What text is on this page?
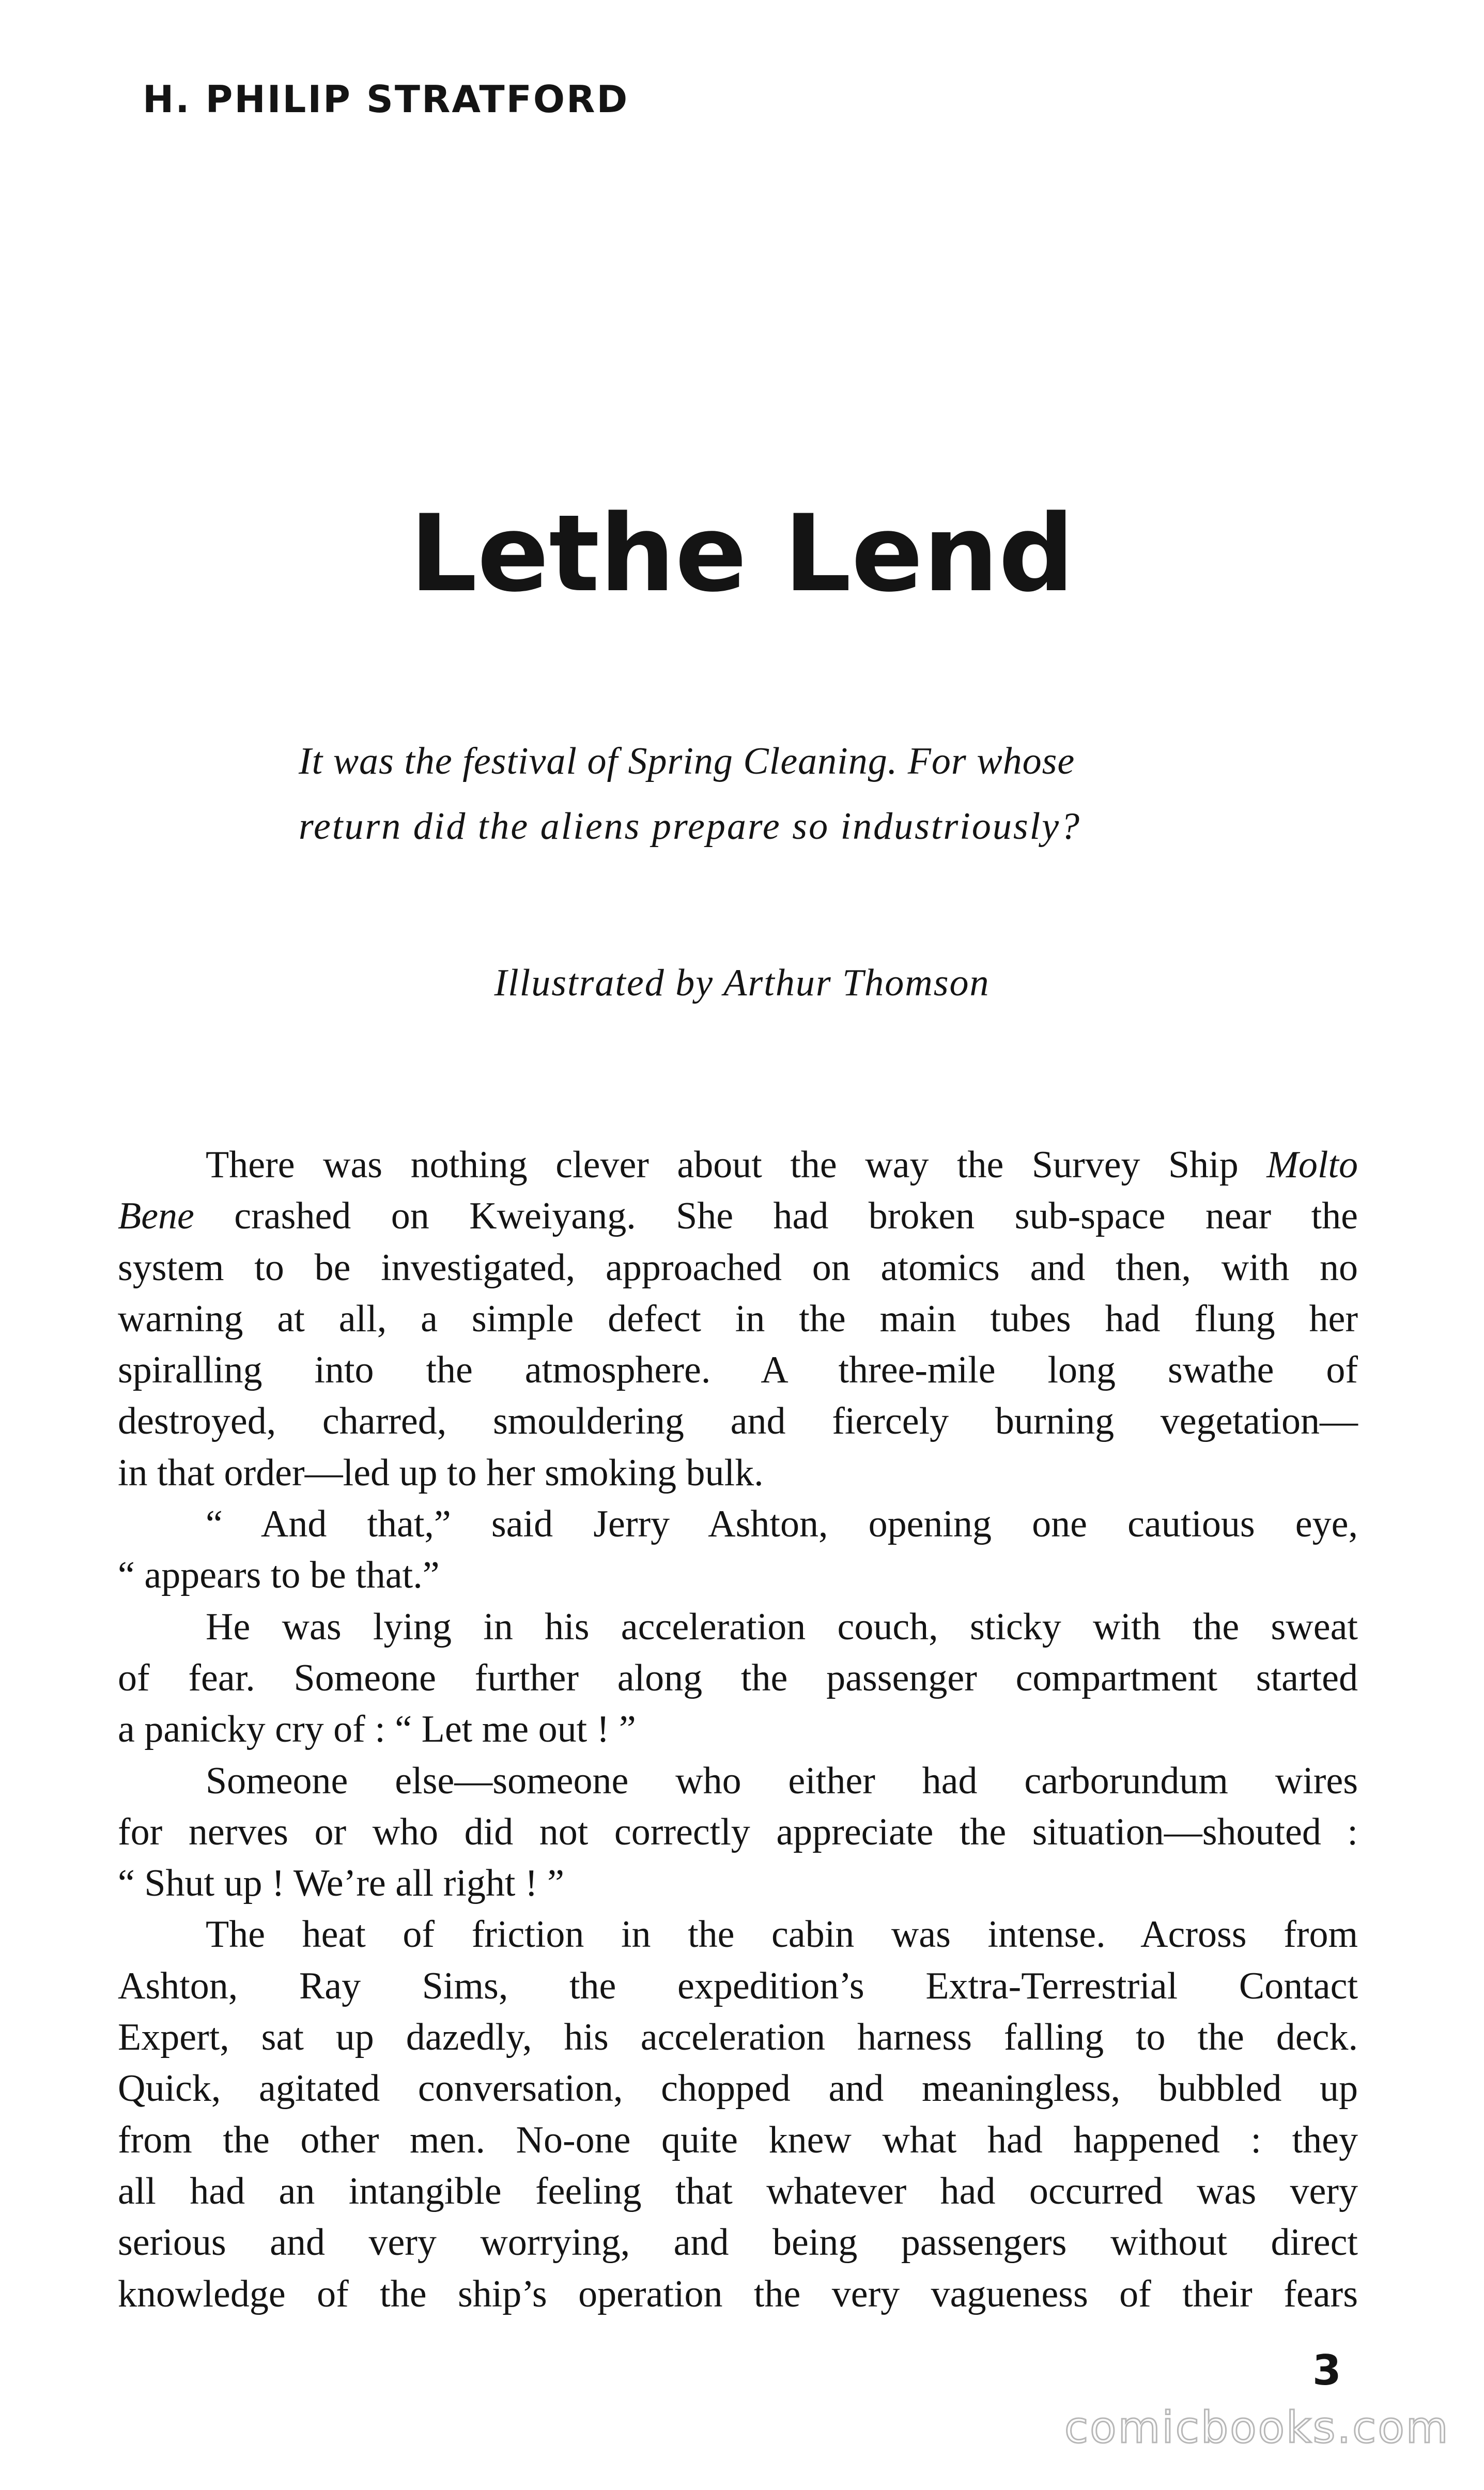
H. PHILIP STRATFORD
Lethe Lend
It was the festival of Spring Cleaning. For whose
return did the aliens prepare so industriously?
Illustrated by Arthur Thomson
There was nothing clever about the way the Survey Ship Molto
Bene crashed on Kweiyang. She had broken sub-space near the
system to be investigated, approached on atomics and then, with no
warning at all, a simple defect in the main tubes had flung her
spiralling into the atmosphere. A three-mile long swathe of
destroyed, charred, smouldering and fiercely burning vegetation—
in that order—led up to her smoking bulk.
“ And that,” said Jerry Ashton, opening one cautious eye,
“ appears to be that.”
He was lying in his acceleration couch, sticky with the sweat
of fear. Someone further along the passenger compartment started
a panicky cry of : “ Let me out ! ”
Someone else—someone who either had carborundum wires
for nerves or who did not correctly appreciate the situation—shouted :
“ Shut up ! We’re all right ! ”
The heat of friction in the cabin was intense. Across from
Ashton, Ray Sims, the expedition’s Extra-Terrestrial Contact
Expert, sat up dazedly, his acceleration harness falling to the deck.
Quick, agitated conversation, chopped and meaningless, bubbled up
from the other men. No-one quite knew what had happened : they
all had an intangible feeling that whatever had occurred was very
serious and very worrying, and being passengers without direct
knowledge of the ship’s operation the very vagueness of their fears
3
comicbooks.com
